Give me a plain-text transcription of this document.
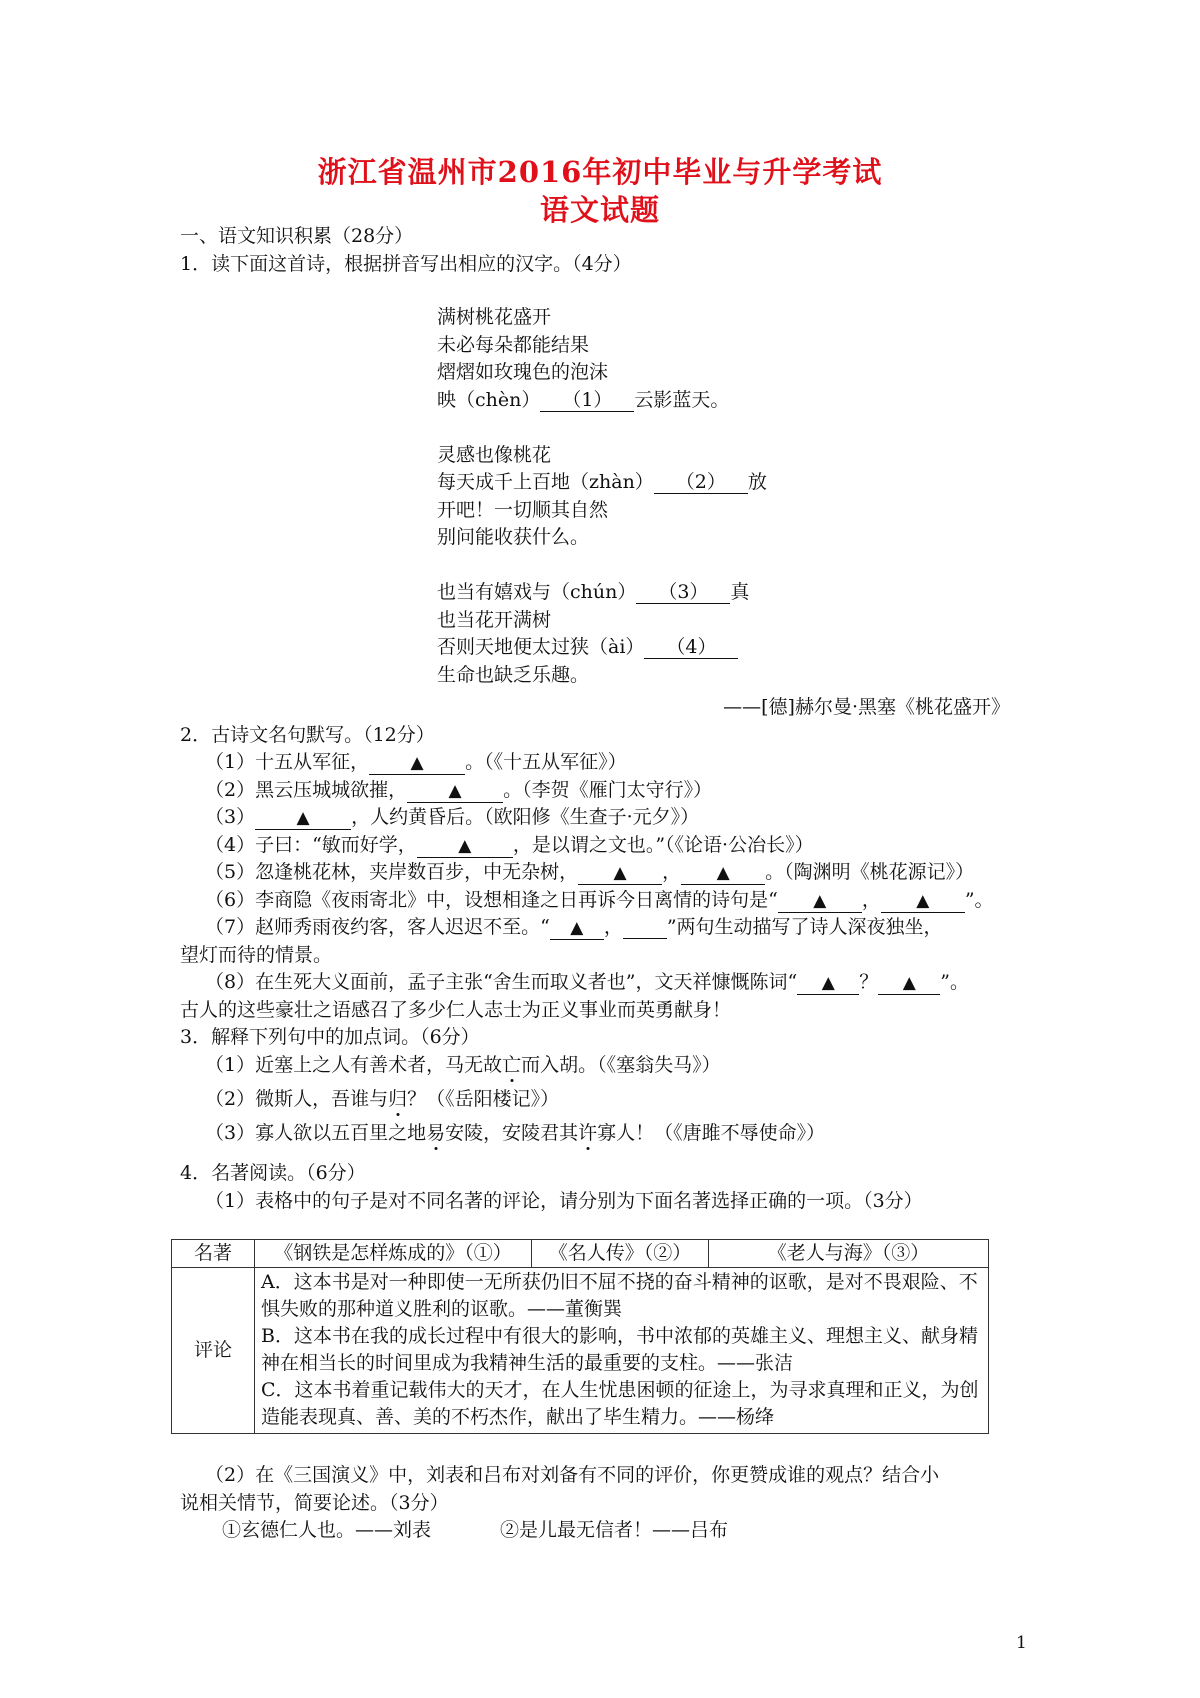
浙江省温州市2016年初中毕业与升学考试
语文试题
一、语文知识积累（28分）
1．读下面这首诗，根据拼音写出相应的汉字。（4分）
满树桃花盛开
未必每朵都能结果
熠熠如玫瑰色的泡沫
映（chèn） （1） 云影蓝天。
灵感也像桃花
每天成千上百地（zhàn） （2） 放
开吧！一切顺其自然
别问能收获什么。
也当有嬉戏与（chún） （3） 真
也当花开满树
否则天地便太过狭（ài） （4）
生命也缺乏乐趣。
——[德]赫尔曼·黑塞《桃花盛开》
2．古诗文名句默写。（12分）
（1）十五从军征， ▲ 。（《十五从军征》）
（2）黑云压城城欲摧， ▲ 。（李贺《雁门太守行》）
（3） ▲ ，人约黄昏后。（欧阳修《生查子·元夕》）
（4）子曰：“敏而好学， ▲ ，是以谓之文也。”（《论语·公冶长》）
（5）忽逢桃花林，夹岸数百步，中无杂树， ▲ ， ▲ 。（陶渊明《桃花源记》）
（6）李商隐《夜雨寄北》中，设想相逢之日再诉今日离情的诗句是“ ▲ ， ▲ ”。
（7）赵师秀雨夜约客，客人迟迟不至。“ ▲ ， ”两句生动描写了诗人深夜独坐，
望灯而待的情景。
（8）在生死大义面前，孟子主张“舍生而取义者也”，文天祥慷慨陈词“ ▲ ？ ▲ ”。
古人的这些豪壮之语感召了多少仁人志士为正义事业而英勇献身！
3．解释下列句中的加点词。（6分）
（1）近塞上之人有善术者，马无故亡而入胡。（《塞翁失马》）
（2）微斯人，吾谁与归？（《岳阳楼记》）
（3）寡人欲以五百里之地易安陵，安陵君其许寡人！（《唐雎不辱使命》）
4．名著阅读。（6分）
（1）表格中的句子是对不同名著的评论，请分别为下面名著选择正确的一项。（3分）
名著	《钢铁是怎样炼成的》（①）	《名人传》（②）	《老人与海》（③）
评论	A．这本书是对一种即使一无所获仍旧不屈不挠的奋斗精神的讴歌，是对不畏艰险、不惧失败的那种道义胜利的讴歌。——董衡巽
B．这本书在我的成长过程中有很大的影响，书中浓郁的英雄主义、理想主义、献身精神在相当长的时间里成为我精神生活的最重要的支柱。——张洁
C．这本书着重记载伟大的天才，在人生忧患困顿的征途上，为寻求真理和正义，为创造能表现真、善、美的不朽杰作，献出了毕生精力。——杨绛		
（2）在《三国演义》中，刘表和吕布对刘备有不同的评价，你更赞成谁的观点？结合小
说相关情节，简要论述。（3分）
①玄德仁人也。——刘表	②是儿最无信者！——吕布
1
